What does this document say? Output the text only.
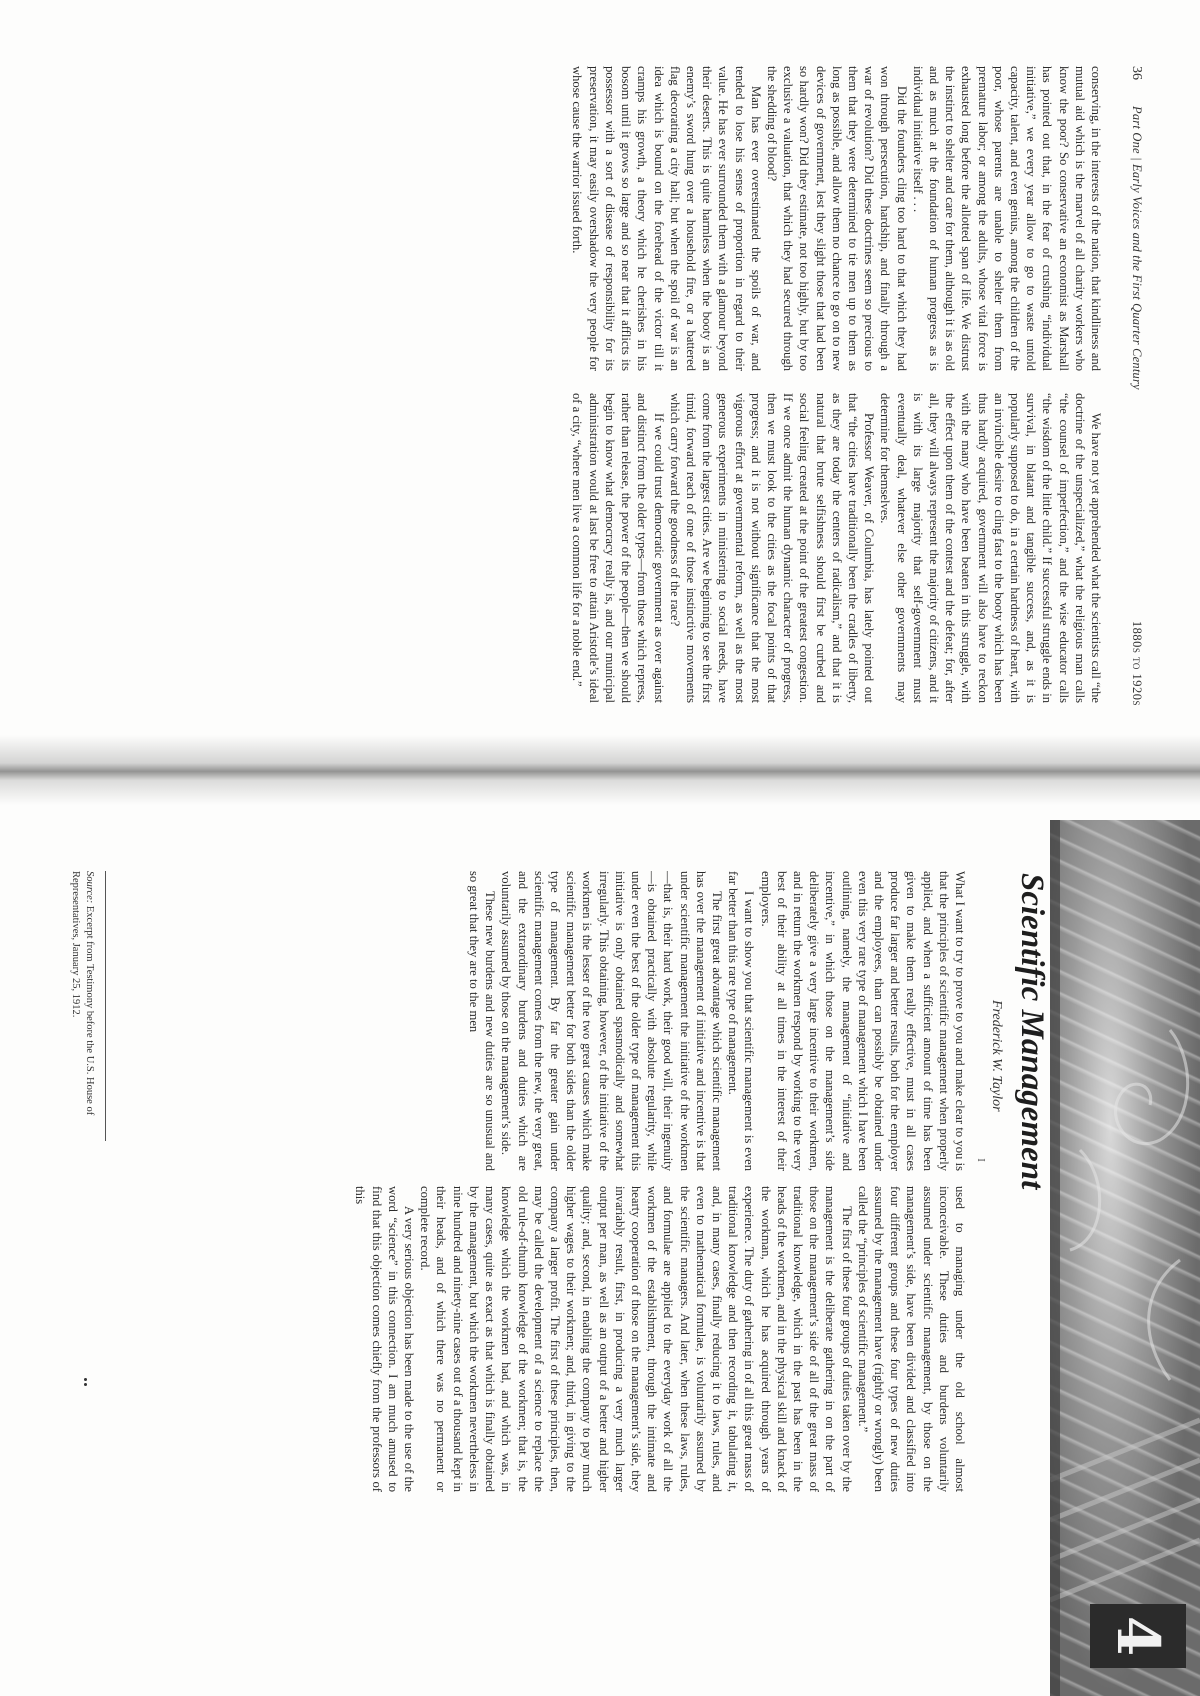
36
Part One | Early Voices and the First Quarter Century
1880s to 1920s

conserving, in the interests of the nation, that kindliness and mutual aid which is the marvel of all charity workers who know the poor? So conservative an economist as Marshall has pointed out that, in the fear of crushing “individual initiative,” we every year allow to go to waste untold capacity, talent, and even genius, among the children of the poor, whose parents are unable to shelter them from premature labor; or among the adults, whose vital force is exhausted long before the allotted span of life. We distrust the instinct to shelter and care for them, although it is as old and as much at the foundation of human progress as is individual initiative itself . . .

Did the founders cling too hard to that which they had won through persecution, hardship, and finally through a war of revolution? Did these doctrines seem so precious to them that they were determined to tie men up to them as long as possible, and allow them no chance to go on to new devices of government, lest they slight those that had been so hardly won? Did they estimate, not too highly, but by too exclusive a valuation, that which they had secured through the shedding of blood?

Man has ever overestimated the spoils of war, and tended to lose his sense of proportion in regard to their value. He has ever surrounded them with a glamour beyond their deserts. This is quite harmless when the booty is an enemy’s sword hung over a household fire, or a battered flag decorating a city hall; but when the spoil of war is an idea which is bound on the forehead of the victor till it cramps his growth, a theory which he cherishes in his bosom until it grows so large and so near that it afflicts its possessor with a sort of disease of responsibility for its preservation, it may easily overshadow the very people for whose cause the warrior issued forth.

We have not yet apprehended what the scientists call “the doctrine of the unspecialized,” what the religious man calls “the counsel of imperfection,” and the wise educator calls “the wisdom of the little child.” If successful struggle ends in survival, in blatant and tangible success, and, as it is popularly supposed to do, in a certain hardness of heart, with an invincible desire to cling fast to the booty which has been thus hardly acquired, government will also have to reckon with the many who have been beaten in this struggle, with the effect upon them of the contest and the defeat; for, after all, they will always represent the majority of citizens, and it is with its large majority that self-government must eventually deal, whatever else other governments may determine for themselves.

Professor Weaver, of Columbia, has lately pointed out that “the cities have traditionally been the cradles of liberty, as they are today the centers of radicalism,” and that it is natural that brute selfishness should first be curbed and social feeling created at the point of the greatest congestion. If we once admit the human dynamic character of progress, then we must look to the cities as the focal points of that progress; and it is not without significance that the most vigorous effort at governmental reform, as well as the most generous experiments in ministering to social needs, have come from the largest cities. Are we beginning to see the first timid, forward reach of one of those instinctive movements which carry forward the goodness of the race?

If we could trust democratic government as over against and distinct from the older types—from those which repress, rather than release, the power of the people—then we should begin to know what democracy really is, and our municipal administration would at last be free to attain Aristotle’s ideal of a city, “where men live a common life for a noble end.”

4
Scientific Management
Frederick W. Taylor
I

What I want to try to prove to you and make clear to you is that the principles of scientific management when properly applied, and when a sufficient amount of time has been given to make them really effective, must in all cases produce far larger and better results, both for the employer and the employees, than can possibly be obtained under even this very rare type of management which I have been outlining, namely, the management of “initiative and incentive,” in which those on the management’s side deliberately give a very large incentive to their workmen, and in return the workmen respond by working to the very best of their ability at all times in the interest of their employers.

I want to show you that scientific management is even far better than this rare type of management.

The first great advantage which scientific management has over the management of initiative and incentive is that under scientific management the initiative of the workmen—that is, their hard work, their good will, their ingenuity—is obtained practically with absolute regularity, while under even the best of the older type of management this initiative is only obtained spasmodically and somewhat irregularly. This obtaining, however, of the initiative of the workmen is the lesser of the two great causes which make scientific management better for both sides than the older type of management. By far the greater gain under scientific management comes from the new, the very great, and the extraordinary burdens and duties which are voluntarily assumed by those on the management’s side.

These new burdens and new duties are so unusual and so great that they are to the men

used to managing under the old school almost inconceivable. These duties and burdens voluntarily assumed under scientific management, by those on the management’s side, have been divided and classified into four different groups and these four types of new duties assumed by the management have (rightly or wrongly) been called the “principles of scientific management.”

The first of these four groups of duties taken over by the management is the deliberate gathering in on the part of those on the management’s side of all of the great mass of traditional knowledge, which in the past has been in the heads of the workmen, and in the physical skill and knack of the workman, which he has acquired through years of experience. The duty of gathering in of all this great mass of traditional knowledge and then recording it, tabulating it, and, in many cases, finally reducing it to laws, rules, and even to mathematical formulae, is voluntarily assumed by the scientific managers. And later, when these laws, rules, and formulae are applied to the everyday work of all the workmen of the establishment, through the intimate and hearty cooperation of those on the management’s side, they invariably result, first, in producing a very much larger output per man, as well as an output of a better and higher quality; and, second, in enabling the company to pay much higher wages to their workmen; and, third, in giving to the company a larger profit. The first of these principles, then, may be called the development of a science to replace the old rule-of-thumb knowledge of the workmen; that is, the knowledge which the workmen had, and which was, in many cases, quite as exact as that which is finally obtained by the management, but which the workmen nevertheless in nine hundred and ninety-nine cases out of a thousand kept in their heads, and of which there was no permanent or complete record.

A very serious objection has been made to the use of the word “science” in this connection. I am much amused to find that this objection comes chiefly from the professors of this

Source: Excerpt from Testimony before the U.S. House of Representatives, January 25, 1912.
